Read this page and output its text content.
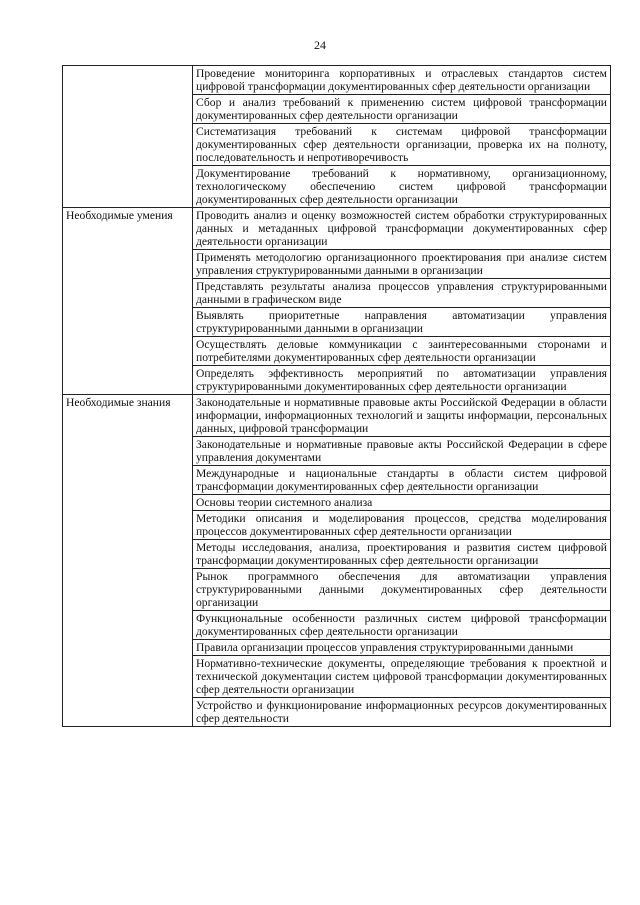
24
	Проведение мониторинга корпоративных и отраслевых стандартов систем цифровой трансформации документированных сфер деятельности организации
	Сбор и анализ требований к применению систем цифровой трансформации документированных сфер деятельности организации
	Систематизация требований к системам цифровой трансформации документированных сфер деятельности организации, проверка их на полноту, последовательность и непротиворечивость
	Документирование требований к нормативному, организационному, технологическому обеспечению систем цифровой трансформации документированных сфер деятельности организации
Необходимые умения	Проводить анализ и оценку возможностей систем обработки структурированных данных и метаданных цифровой трансформации документированных сфер деятельности организации
	Применять методологию организационного проектирования при анализе систем управления структурированными данными в организации
	Представлять результаты анализа процессов управления структурированными данными в графическом виде
	Выявлять приоритетные направления автоматизации управления структурированными данными в организации
	Осуществлять деловые коммуникации с заинтересованными сторонами и потребителями документированных сфер деятельности организации
	Определять эффективность мероприятий по автоматизации управления структурированными документированных сфер деятельности организации
Необходимые знания	Законодательные и нормативные правовые акты Российской Федерации в области информации, информационных технологий и защиты информации, персональных данных, цифровой трансформации
	Законодательные и нормативные правовые акты Российской Федерации в сфере управления документами
	Международные и национальные стандарты в области систем цифровой трансформации документированных сфер деятельности организации
	Основы теории системного анализа
	Методики описания и моделирования процессов, средства моделирования процессов документированных сфер деятельности организации
	Методы исследования, анализа, проектирования и развития систем цифровой трансформации документированных сфер деятельности организации
	Рынок программного обеспечения для автоматизации управления структурированными данными документированных сфер деятельности организации
	Функциональные особенности различных систем цифровой трансформации документированных сфер деятельности организации
	Правила организации процессов управления структурированными данными
	Нормативно-технические документы, определяющие требования к проектной и технической документации систем цифровой трансформации документированных сфер деятельности организации
	Устройство и функционирование информационных ресурсов документированных сфер деятельности
